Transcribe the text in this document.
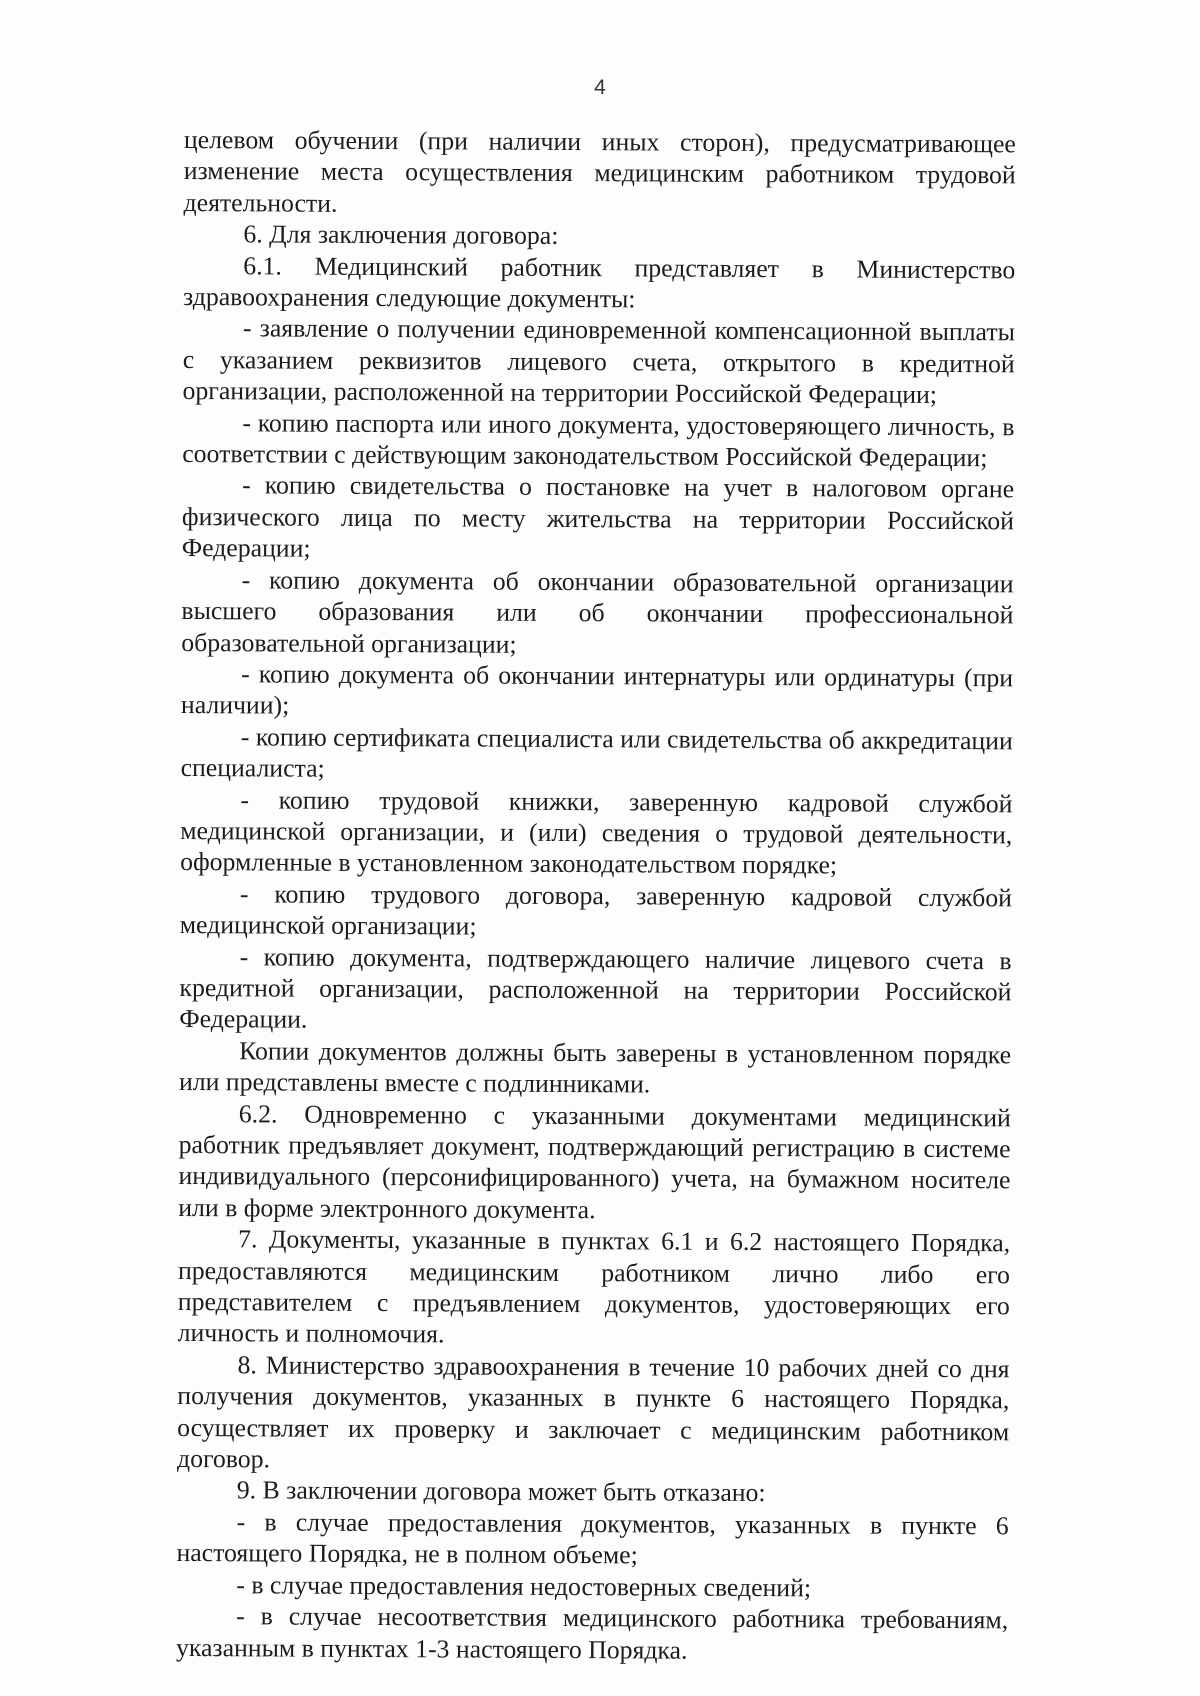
4

целевом обучении (при наличии иных сторон), предусматривающее изменение места осуществления медицинским работником трудовой деятельности.

6. Для заключения договора:

6.1. Медицинский работник представляет в Министерство здравоохранения следующие документы:

- заявление о получении единовременной компенсационной выплаты с указанием реквизитов лицевого счета, открытого в кредитной организации, расположенной на территории Российской Федерации;

- копию паспорта или иного документа, удостоверяющего личность, в соответствии с действующим законодательством Российской Федерации;

- копию свидетельства о постановке на учет в налоговом органе физического лица по месту жительства на территории Российской Федерации;

- копию документа об окончании образовательной организации высшего образования или об окончании профессиональной образовательной организации;

- копию документа об окончании интернатуры или ординатуры (при наличии);

- копию сертификата специалиста или свидетельства об аккредитации специалиста;

- копию трудовой книжки, заверенную кадровой службой медицинской организации, и (или) сведения о трудовой деятельности, оформленные в установленном законодательством порядке;

- копию трудового договора, заверенную кадровой службой медицинской организации;

- копию документа, подтверждающего наличие лицевого счета в кредитной организации, расположенной на территории Российской Федерации.

Копии документов должны быть заверены в установленном порядке или представлены вместе с подлинниками.

6.2. Одновременно с указанными документами медицинский работник предъявляет документ, подтверждающий регистрацию в системе индивидуального (персонифицированного) учета, на бумажном носителе или в форме электронного документа.

7. Документы, указанные в пунктах 6.1 и 6.2 настоящего Порядка, предоставляются медицинским работником лично либо его представителем с предъявлением документов, удостоверяющих его личность и полномочия.

8. Министерство здравоохранения в течение 10 рабочих дней со дня получения документов, указанных в пункте 6 настоящего Порядка, осуществляет их проверку и заключает с медицинским работником договор.

9. В заключении договора может быть отказано:

- в случае предоставления документов, указанных в пункте 6 настоящего Порядка, не в полном объеме;

- в случае предоставления недостоверных сведений;

- в случае несоответствия медицинского работника требованиям, указанным в пунктах 1-3 настоящего Порядка.
